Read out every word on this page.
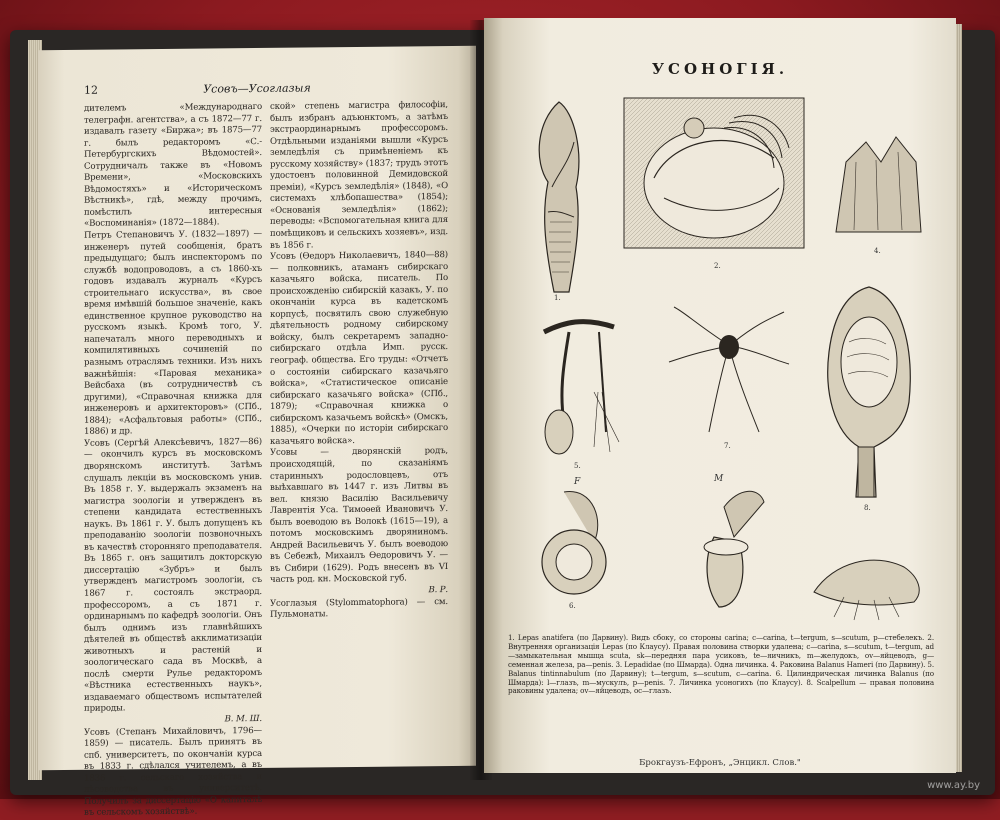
12	Усовъ—Усоглазыя

дителемъ «Международнаго телеграфн. агентства», а съ 1872—77 г. издавалъ газету «Биржа»; въ 1875—77 г. былъ редакторомъ «С.-Петербургскихъ Вѣдомостей». Сотрудничалъ также въ «Новомъ Времени», «Московскихъ Вѣдомостяхъ» и «Историческомъ Вѣстникѣ», гдѣ, между прочимъ, помѣстилъ интересныя «Воспоминанія» (1872—1884).

Петръ Степановичъ У. (1832—1897) — инженеръ путей сообщенія, братъ предыдущаго; былъ инспекторомъ по службѣ водопроводовъ, а съ 1860-хъ годовъ издавалъ журналъ «Курсъ строительнаго искусства», въ свое время имѣвшій большое значеніе, какъ единственное крупное руководство на русскомъ языкѣ. Кромѣ того, У. напечаталъ много переводныхъ и компилятивныхъ сочиненій по разнымъ отраслямъ техники. Изъ нихъ важнѣйшія: «Паровая механика» Вейсбаха (въ сотрудничествѣ съ другими), «Справочная книжка для инженеровъ и архитекторовъ» (СПб., 1884); «Асфальтовыя работы» (СПб., 1886) и др.

Усовъ (Сергѣй Алексѣевичъ, 1827—86) — окончилъ курсъ въ московскомъ дворянскомъ институтѣ. Затѣмъ слушалъ лекціи въ московскомъ унив. Въ 1858 г. У. выдержалъ экзаменъ на магистра зоологіи и утвержденъ въ степени кандидата естественныхъ наукъ. Въ 1861 г. У. былъ допущенъ къ преподаванію зоологіи позвоночныхъ въ качествѣ сторонняго преподавателя. Въ 1865 г. онъ защитилъ докторскую диссертацію «Зубръ» и былъ утвержденъ магистромъ зоологіи, съ 1867 г. состоялъ экстраорд. профессоромъ, а съ 1871 г. ординарнымъ по кафедрѣ зоологіи. Онъ былъ однимъ изъ главнѣйшихъ дѣятелей въ обществѣ акклиматизаціи животныхъ и растеній и зоологическаго сада въ Москвѣ, а послѣ смерти Рулье редакторомъ «Вѣстника естественныхъ наукъ», издаваемаго обществомъ испытателей природы.

В. М. Ш.

Усовъ (Степанъ Михайловичъ, 1796—1859) — писатель. Былъ принятъ въ спб. университетъ, по окончаніи курса въ 1833 г. сдѣлался учителемъ, а въ 1836 г. сельскаго хозяйства и лѣсоводства въ университетѣ. Получилъ за диссертацію «О капиталѣ въ сельскомъ хозяйствѣ».

ской» степень магистра философіи, былъ избранъ адъюнктомъ, а затѣмъ экстраординарнымъ профессоромъ. Отдѣльными изданіями вышли «Курсъ земледѣлія съ примѣненіемъ къ русскому хозяйству» (1837; трудъ этотъ удостоенъ половинной Демидовской преміи), «Курсъ земледѣлія» (1848), «О системахъ хлѣбопашества» (1854); «Основанія земледѣлія» (1862); переводы: «Вспомогательная книга для помѣщиковъ и сельскихъ хозяевъ», изд. въ 1856 г.

Усовъ (Ѳедоръ Николаевичъ, 1840—88) — полковникъ, атаманъ сибирскаго казачьяго войска, писатель. По происхожденію сибирскій казакъ, У. по окончаніи курса въ кадетскомъ корпусѣ, посвятилъ свою служебную дѣятельность родному сибирскому войску, былъ секретаремъ западно-сибирскаго отдѣла Имп. русск. географ. общества. Его труды: «Отчетъ о состояніи сибирскаго казачьяго войска», «Статистическое описаніе сибирскаго казачьяго войска» (СПб., 1879); «Справочная книжка о сибирскомъ казачьемъ войскѣ» (Омскъ, 1885), «Очерки по исторіи сибирскаго казачьяго войска».

Усовы — дворянскій родъ, происходящій, по сказаніямъ старинныхъ родословцевъ, отъ выѣхавшаго въ 1447 г. изъ Литвы въ вел. князю Василію Васильевичу Лаврентія Уса. Тимоѳей Ивановичъ У. былъ воеводою въ Волокѣ (1615—19), а потомъ московскимъ дворяниномъ. Андрей Васильевичъ У. былъ воеводою въ Себежѣ, Михаилъ Ѳедоровичъ У. — въ Сибири (1629). Родъ внесенъ въ VI часть род. кн. Московской губ.

В. Р.

Усоглазыя (Stylommatophora) — см. Пульмонаты.

УСОНОГІЯ.
1.
2.
4.
5.
6.
7.
8.
F	M

1. Lepas anatifera (по Дарвину). Видъ сбоку, со стороны carina; c—carina, t—tergum, s—scutum, p—стебелекъ. 2. Внутренняя организація Lepas (по Клаусу). Правая половина створки удалена; c—carina, s—scutum, t—tergum, ad—замыкательная мышца scuta, sk—передняя пара усиковъ, te—яичникъ, m—желудокъ, ov—яйцеводъ, g—семенная железа, pa—penis. 3. Lepadidae (по Шмарда). Одна личинка. 4. Раковина Balanus Hameri (по Дарвину). 5. Balanus tintinnabulum (по Дарвину); t—tergum, s—scutum, c—carina. 6. Цилиндрическая личинка Balanus (по Шмарда): l—глазъ, m—мускулъ, p—penis. 7. Личинка усоногихъ (по Клаусу). 8. Scalpellum — правая половина раковины удалена; ov—яйцеводъ, oc—глазъ.

Брокгаузъ-Ефронъ, „Энцикл. Слов."
www.ay.by
